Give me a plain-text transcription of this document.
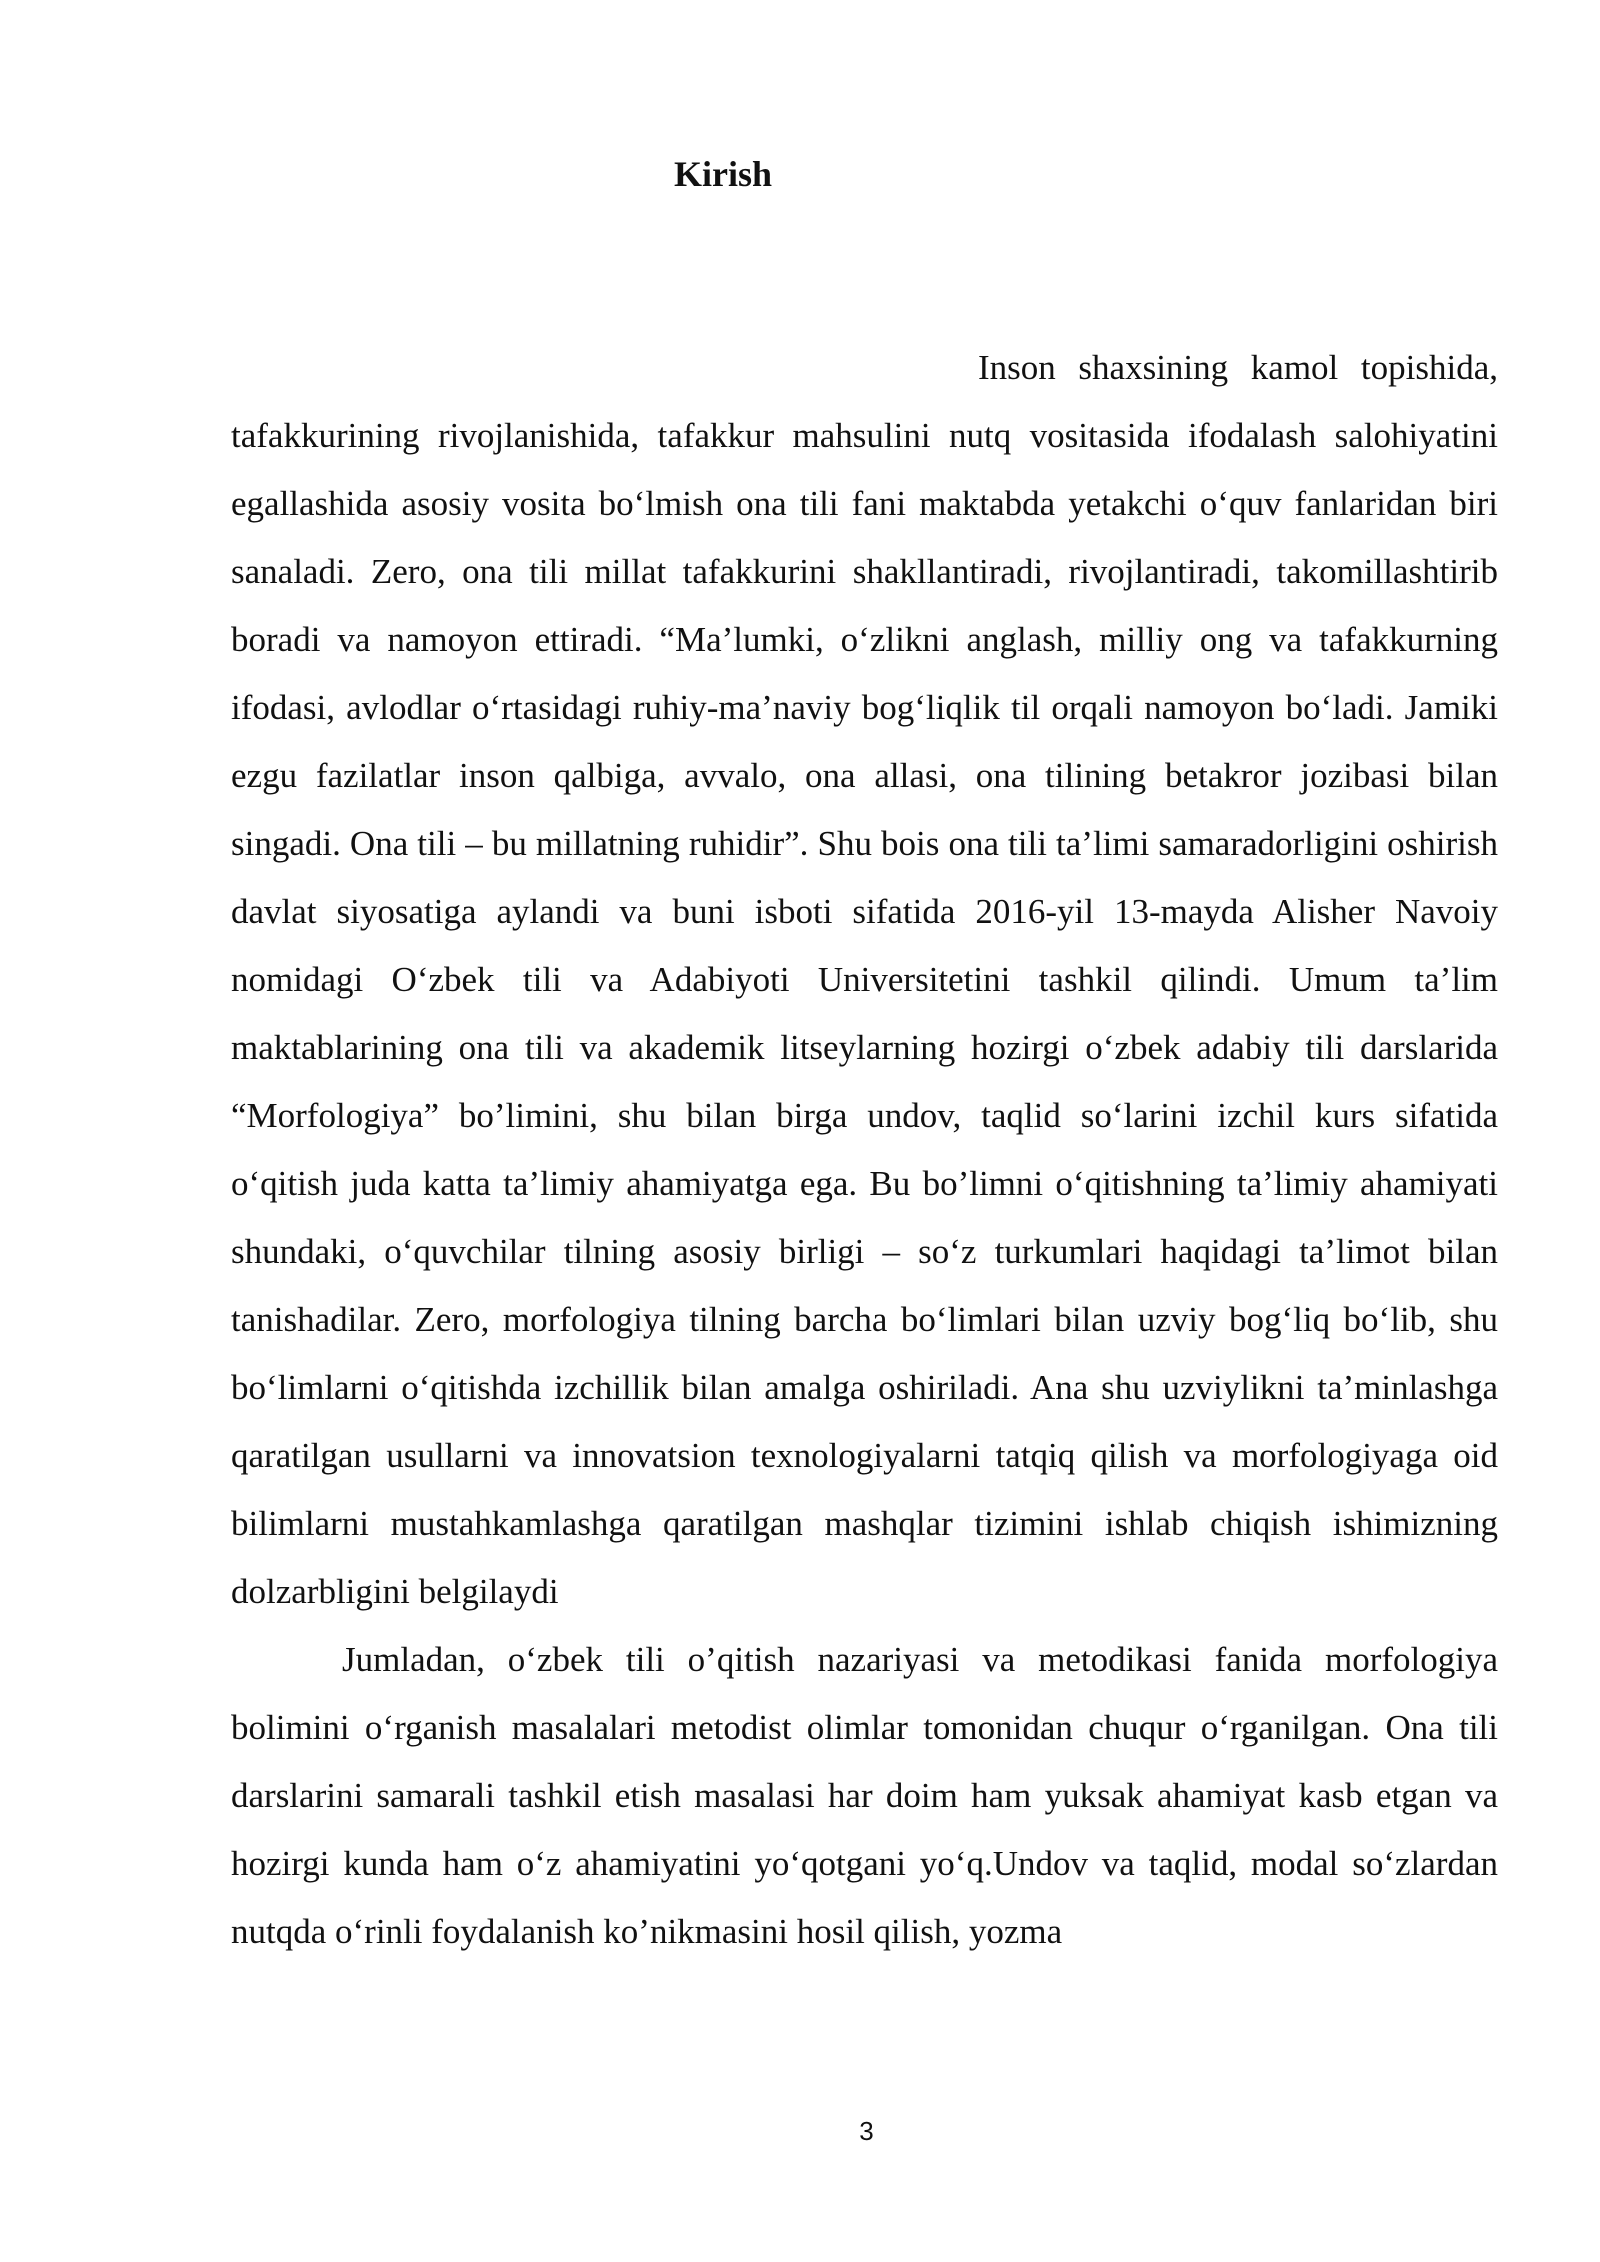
Kirish

Inson shaxsining kamol topishida, tafakkurining rivojlanishida, tafakkur mahsulini nutq vositasida ifodalash salohiyatini egallashida asosiy vosita bo‘lmish ona tili fani maktabda yetakchi o‘quv fanlaridan biri sanaladi. Zero, ona tili millat tafakkurini shakllantiradi, rivojlantiradi, takomillashtirib boradi va namoyon ettiradi. “Ma’lumki, o‘zlikni anglash, milliy ong va tafakkurning ifodasi, avlodlar o‘rtasidagi ruhiy-ma’naviy bog‘liqlik til orqali namoyon bo‘ladi. Jamiki ezgu fazilatlar inson qalbiga, avvalo, ona allasi, ona tilining betakror jozibasi bilan singadi. Ona tili – bu millatning ruhidir”. Shu bois ona tili ta’limi samaradorligini oshirish davlat siyosatiga aylandi va buni isboti sifatida 2016-yil 13-mayda Alisher Navoiy nomidagi O‘zbek tili va Adabiyoti Universitetini tashkil qilindi. Umum ta’lim maktablarining ona tili va akademik litseylarning hozirgi o‘zbek adabiy tili darslarida “Morfologiya” bo’limini, shu bilan birga undov, taqlid so‘larini izchil kurs sifatida o‘qitish juda katta ta’limiy ahamiyatga ega. Bu bo’limni o‘qitishning ta’limiy ahamiyati shundaki, o‘quvchilar tilning asosiy birligi – so‘z turkumlari haqidagi ta’limot bilan tanishadilar. Zero, morfologiya tilning barcha bo‘limlari bilan uzviy bog‘liq bo‘lib, shu bo‘limlarni o‘qitishda izchillik bilan amalga oshiriladi. Ana shu uzviylikni ta’minlashga qaratilgan usullarni va innovatsion texnologiyalarni tatqiq qilish va morfologiyaga oid bilimlarni mustahkamlashga qaratilgan mashqlar tizimini ishlab chiqish ishimizning dolzarbligini belgilaydi

Jumladan, o‘zbek tili o’qitish nazariyasi va metodikasi fanida morfologiya bolimini o‘rganish masalalari metodist olimlar tomonidan chuqur o‘rganilgan. Ona tili darslarini samarali tashkil etish masalasi har doim ham yuksak ahamiyat kasb etgan va hozirgi kunda ham o‘z ahamiyatini yo‘qotgani yo‘q.Undov va taqlid, modal so‘zlardan nutqda o‘rinli foydalanish ko’nikmasini hosil qilish, yozma

3
